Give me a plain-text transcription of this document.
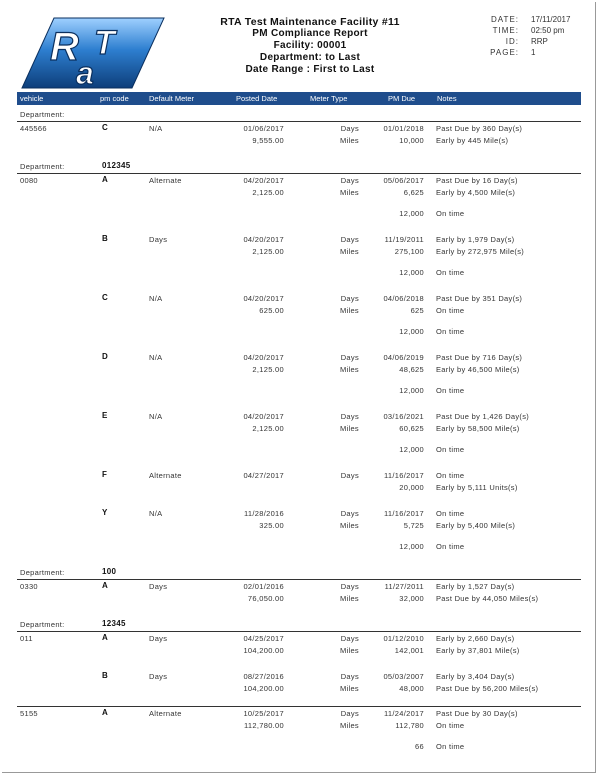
R T
a
RTA Test Maintenance Facility #11
PM Compliance Report
Facility: 00001
Department: to Last
Date Range : First to Last
DATE: 17/11/2017
TIME: 02:50 pm
ID: RRP
PAGE: 1
vehicle	pm code	Default Meter	Posted Date	Meter Type	PM Due	Notes
Department:
445566	C	N/A	01/06/2017	Days	01/01/2018 Past Due by 360 Day(s)
9,555.00	Miles	10,000 Early by 445 Mile(s)
Department:	012345
0080	A	Alternate	04/20/2017	Days	05/06/2017 Past Due by 16 Day(s)
2,125.00	Miles	6,625 Early by 4,500 Mile(s)
12,000 On time
B	Days	04/20/2017	Days	11/19/2011 Early by 1,979 Day(s)
2,125.00	Miles	275,100 Early by 272,975 Mile(s)
12,000 On time
C	N/A	04/20/2017	Days	04/06/2018 Past Due by 351 Day(s)
625.00	Miles	625 On time
12,000 On time
D	N/A	04/20/2017	Days	04/06/2019 Past Due by 716 Day(s)
2,125.00	Miles	48,625 Early by 46,500 Mile(s)
12,000 On time
E	N/A	04/20/2017	Days	03/16/2021 Past Due by 1,426 Day(s)
2,125.00	Miles	60,625 Early by 58,500 Mile(s)
12,000 On time
F	Alternate	04/27/2017	Days	11/16/2017 On time
20,000 Early by 5,111 Units(s)
Y	N/A	11/28/2016	Days	11/16/2017 On time
325.00	Miles	5,725 Early by 5,400 Mile(s)
12,000 On time
Department:	100
0330	A	Days	02/01/2016	Days	11/27/2011 Early by 1,527 Day(s)
76,050.00	Miles	32,000 Past Due by 44,050 Miles(s)
Department:	12345
011	A	Days	04/25/2017	Days	01/12/2010 Early by 2,660 Day(s)
104,200.00	Miles	142,001 Early by 37,801 Mile(s)
B	Days	08/27/2016	Days	05/03/2007 Early by 3,404 Day(s)
104,200.00	Miles	48,000 Past Due by 56,200 Miles(s)
5155	A	Alternate	10/25/2017	Days	11/24/2017 Past Due by 30 Day(s)
112,780.00	Miles	112,780 On time
66 On time
